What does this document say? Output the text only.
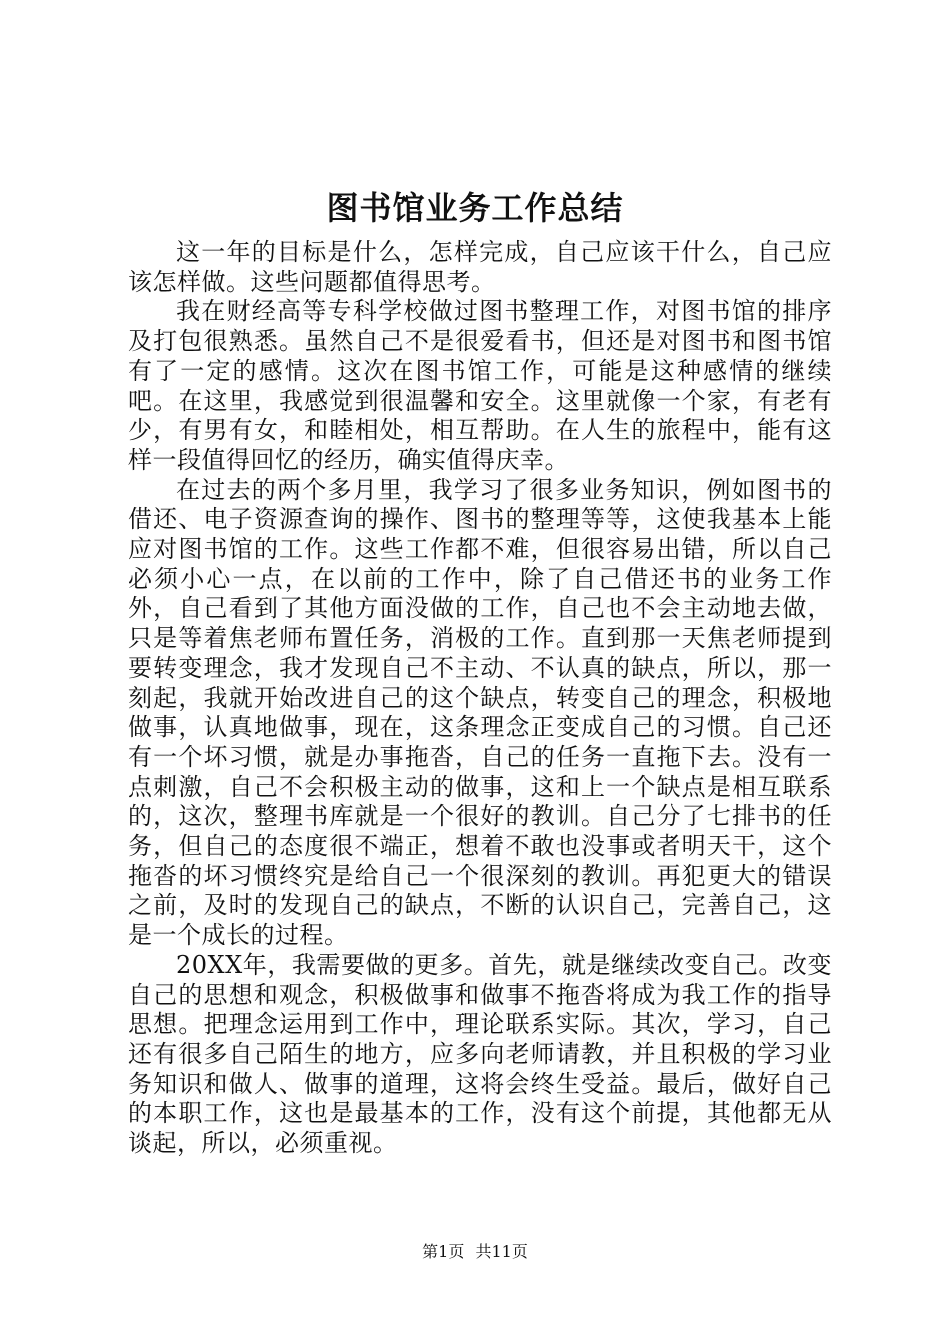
图书馆业务工作总结

这一年的目标是什么，怎样完成，自己应该干什么，自己应该怎样做。这些问题都值得思考。

我在财经高等专科学校做过图书整理工作，对图书馆的排序及打包很熟悉。虽然自己不是很爱看书，但还是对图书和图书馆有了一定的感情。这次在图书馆工作，可能是这种感情的继续吧。在这里，我感觉到很温馨和安全。这里就像一个家，有老有少，有男有女，和睦相处，相互帮助。在人生的旅程中，能有这样一段值得回忆的经历，确实值得庆幸。

在过去的两个多月里，我学习了很多业务知识，例如图书的借还、电子资源查询的操作、图书的整理等等，这使我基本上能应对图书馆的工作。这些工作都不难，但很容易出错，所以自己必须小心一点，在以前的工作中，除了自己借还书的业务工作外，自己看到了其他方面没做的工作，自己也不会主动地去做，只是等着焦老师布置任务，消极的工作。直到那一天焦老师提到要转变理念，我才发现自己不主动、不认真的缺点，所以，那一刻起，我就开始改进自己的这个缺点，转变自己的理念，积极地做事，认真地做事，现在，这条理念正变成自己的习惯。自己还有一个坏习惯，就是办事拖沓，自己的任务一直拖下去。没有一点刺激，自己不会积极主动的做事，这和上一个缺点是相互联系的，这次，整理书库就是一个很好的教训。自己分了七排书的任务，但自己的态度很不端正，想着不敢也没事或者明天干，这个拖沓的坏习惯终究是给自己一个很深刻的教训。再犯更大的错误之前，及时的发现自己的缺点，不断的认识自己，完善自己，这是一个成长的过程。

20XX年，我需要做的更多。首先，就是继续改变自己。改变自己的思想和观念，积极做事和做事不拖沓将成为我工作的指导思想。把理念运用到工作中，理论联系实际。其次，学习，自己还有很多自己陌生的地方，应多向老师请教，并且积极的学习业务知识和做人、做事的道理，这将会终生受益。最后，做好自己的本职工作，这也是最基本的工作，没有这个前提，其他都无从谈起，所以，必须重视。

第1页 共11页
